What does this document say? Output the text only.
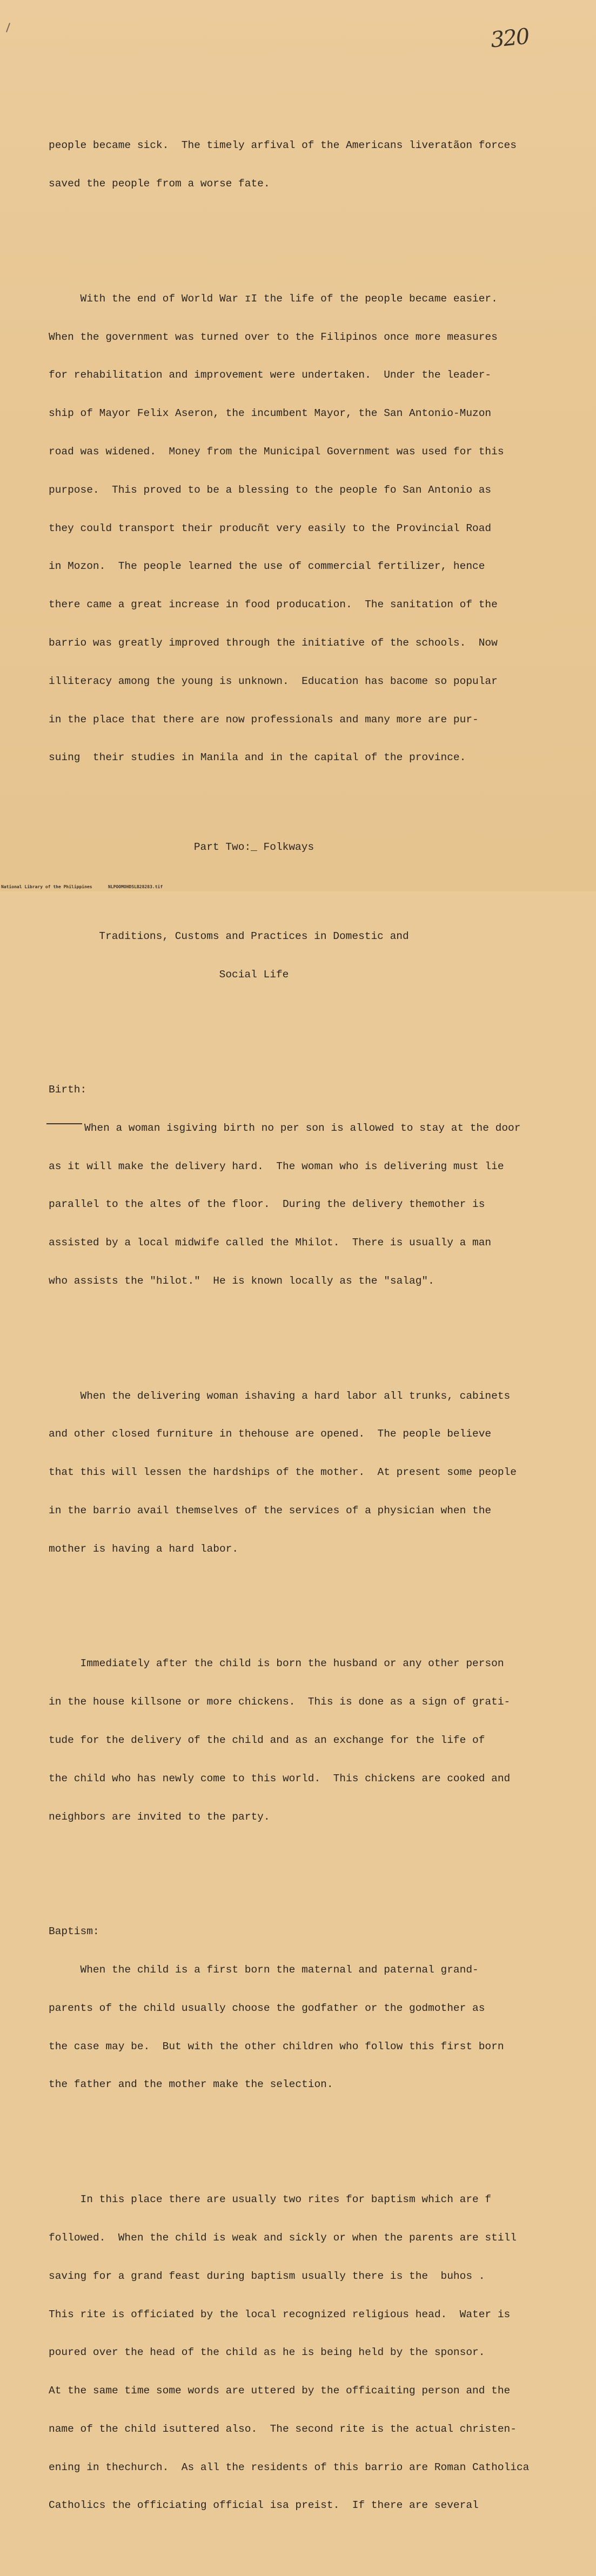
320

people became sick.  The timely arfival of the Americans liveratãon forces

saved the people from a worse fate.

With the end of World War ɪI the life of the people became easier.

When the government was turned over to the Filipinos once more measures

for rehabilitation and improvement were undertaken.  Under the leader-

ship of Mayor Felix Aseron, the incumbent Mayor, the San Antonio-Muzon

road was widened.  Money from the Municipal Government was used for this

purpose.  This proved to be a blessing to the people fo San Antonio as

they could transport their producñt very easily to the Provincial Road

in Mozon.  The people learned the use of commercial fertilizer, hence

there came a great increase in food producation.  The sanitation of the

barrio was greatly improved through the initiative of the schools.  Now

illiteracy among the young is unknown.  Education has bacome so popular

in the place that there are now professionals and many more are pur-

suing  their studies in Manila and in the capital of the province.

Part Two:_ Folkways

Traditions, Customs and Practices in Domestic and

Social Life

Birth:

When a woman isgiving birth no per son is allowed to stay at the door

as it will make the delivery hard.  The woman who is delivering must lie

parallel to the altes of the floor.  During the delivery themother is

assisted by a local midwife called the Mhilot.  There is usually a man

who assists the "hilot."  He is known locally as the "salag".

When the delivering woman ishaving a hard labor all trunks, cabinets

and other closed furniture in thehouse are opened.  The people believe

that this will lessen the hardships of the mother.  At present some people

in the barrio avail themselves of the services of a physician when the

mother is having a hard labor.

Immediately after the child is born the husband or any other person

in the house killsone or more chickens.  This is done as a sign of grati-

tude for the delivery of the child and as an exchange for the life of

the child who has newly come to this world.  This chickens are cooked and

neighbors are invited to the party.

Baptism:

When the child is a first born the maternal and paternal grand-

parents of the child usually choose the godfather or the godmother as

the case may be.  But with the other children who follow this first born

the father and the mother make the selection.

In this place there are usually two rites for baptism which are f

followed.  When the child is weak and sickly or when the parents are still

saving for a grand feast during baptism usually there is the  buhos .

This rite is officiated by the local recognized religious head.  Water is

poured over the head of the child as he is being held by the sponsor.

At the same time some words are uttered by the officaiting person and the

name of the child isuttered also.  The second rite is the actual christen-

ening in thechurch.  As all the residents of this barrio are Roman Catholica

Catholics the officiating official isa preist.  If there are several

National Library of the Philippines	NLPOOMOHDSLB28283.tif
